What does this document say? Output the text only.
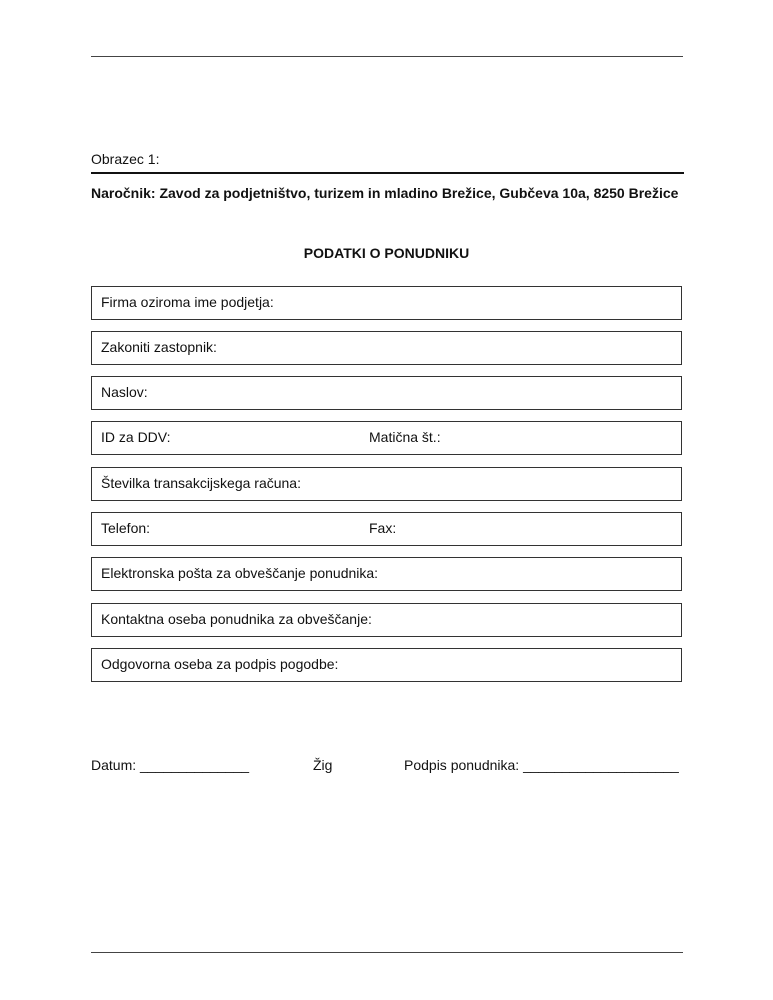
Obrazec 1:
Naročnik: Zavod za podjetništvo, turizem in mladino Brežice, Gubčeva 10a, 8250 Brežice
PODATKI O PONUDNIKU
Firma oziroma ime podjetja:
Zakoniti zastopnik:
Naslov:
ID za DDV:	Matična št.:
Številka transakcijskega računa:
Telefon:	Fax:
Elektronska pošta za obveščanje ponudnika:
Kontaktna oseba ponudnika za obveščanje:
Odgovorna oseba za podpis pogodbe:
Datum: ______________	Žig	Podpis ponudnika: ____________________
